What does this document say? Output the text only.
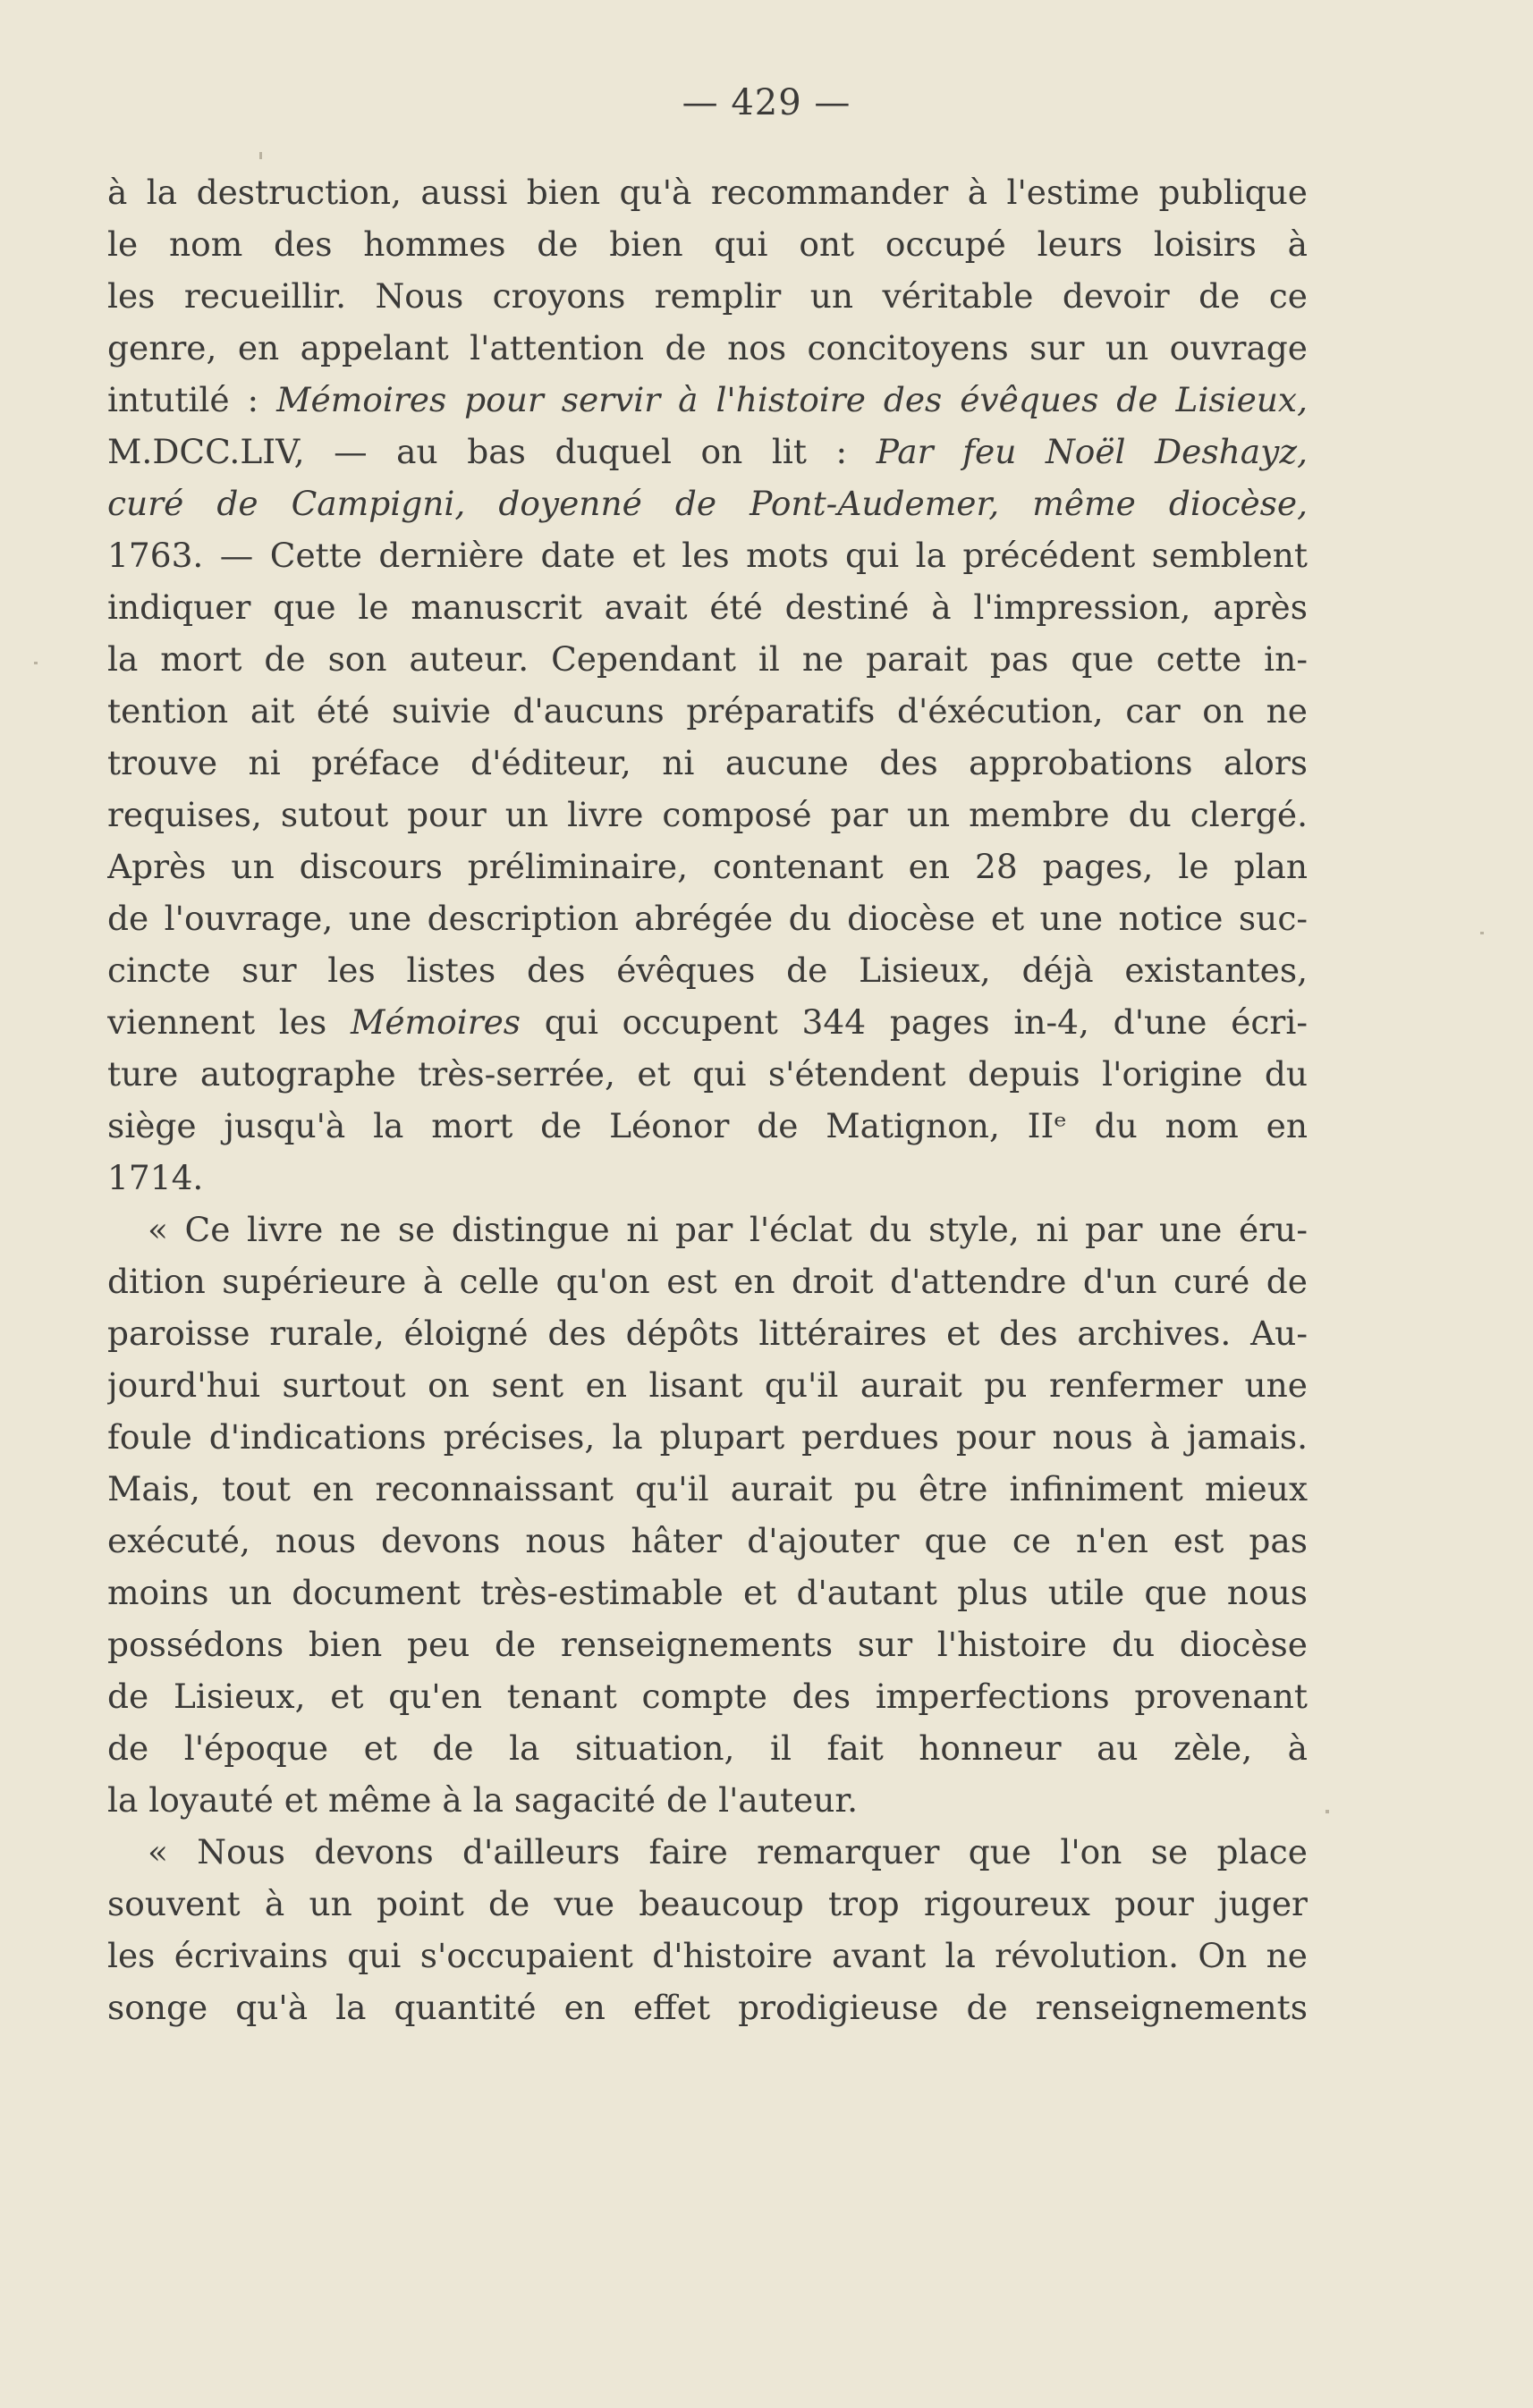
— 429 —
à la destruction, aussi bien qu'à recommander à l'estime publique
le nom des hommes de bien qui ont occupé leurs loisirs à
les recueillir. Nous croyons remplir un véritable devoir de ce
genre, en appelant l'attention de nos concitoyens sur un ouvrage
intutilé : Mémoires pour servir à l'histoire des évêques de Lisieux,
M.DCC.LIV, — au bas duquel on lit : Par feu Noël Deshayz,
curé de Campigni, doyenné de Pont-Audemer, même diocèse,
1763. — Cette dernière date et les mots qui la précédent semblent
indiquer que le manuscrit avait été destiné à l'impression, après
la mort de son auteur. Cependant il ne parait pas que cette in-
tention ait été suivie d'aucuns préparatifs d'éxécution, car on ne
trouve ni préface d'éditeur, ni aucune des approbations alors
requises, sutout pour un livre composé par un membre du clergé.
Après un discours préliminaire, contenant en 28 pages, le plan
de l'ouvrage, une description abrégée du diocèse et une notice suc-
cincte sur les listes des évêques de Lisieux, déjà existantes,
viennent les Mémoires qui occupent 344 pages in-4, d'une écri-
ture autographe très-serrée, et qui s'étendent depuis l'origine du
siège jusqu'à la mort de Léonor de Matignon, IIᵉ du nom en
1714.
« Ce livre ne se distingue ni par l'éclat du style, ni par une éru-
dition supérieure à celle qu'on est en droit d'attendre d'un curé de
paroisse rurale, éloigné des dépôts littéraires et des archives. Au-
jourd'hui surtout on sent en lisant qu'il aurait pu renfermer une
foule d'indications précises, la plupart perdues pour nous à jamais.
Mais, tout en reconnaissant qu'il aurait pu être infiniment mieux
exécuté, nous devons nous hâter d'ajouter que ce n'en est pas
moins un document très-estimable et d'autant plus utile que nous
possédons bien peu de renseignements sur l'histoire du diocèse
de Lisieux, et qu'en tenant compte des imperfections provenant
de l'époque et de la situation, il fait honneur au zèle, à
la loyauté et même à la sagacité de l'auteur.
« Nous devons d'ailleurs faire remarquer que l'on se place
souvent à un point de vue beaucoup trop rigoureux pour juger
les écrivains qui s'occupaient d'histoire avant la révolution. On ne
songe qu'à la quantité en effet prodigieuse de renseignements
